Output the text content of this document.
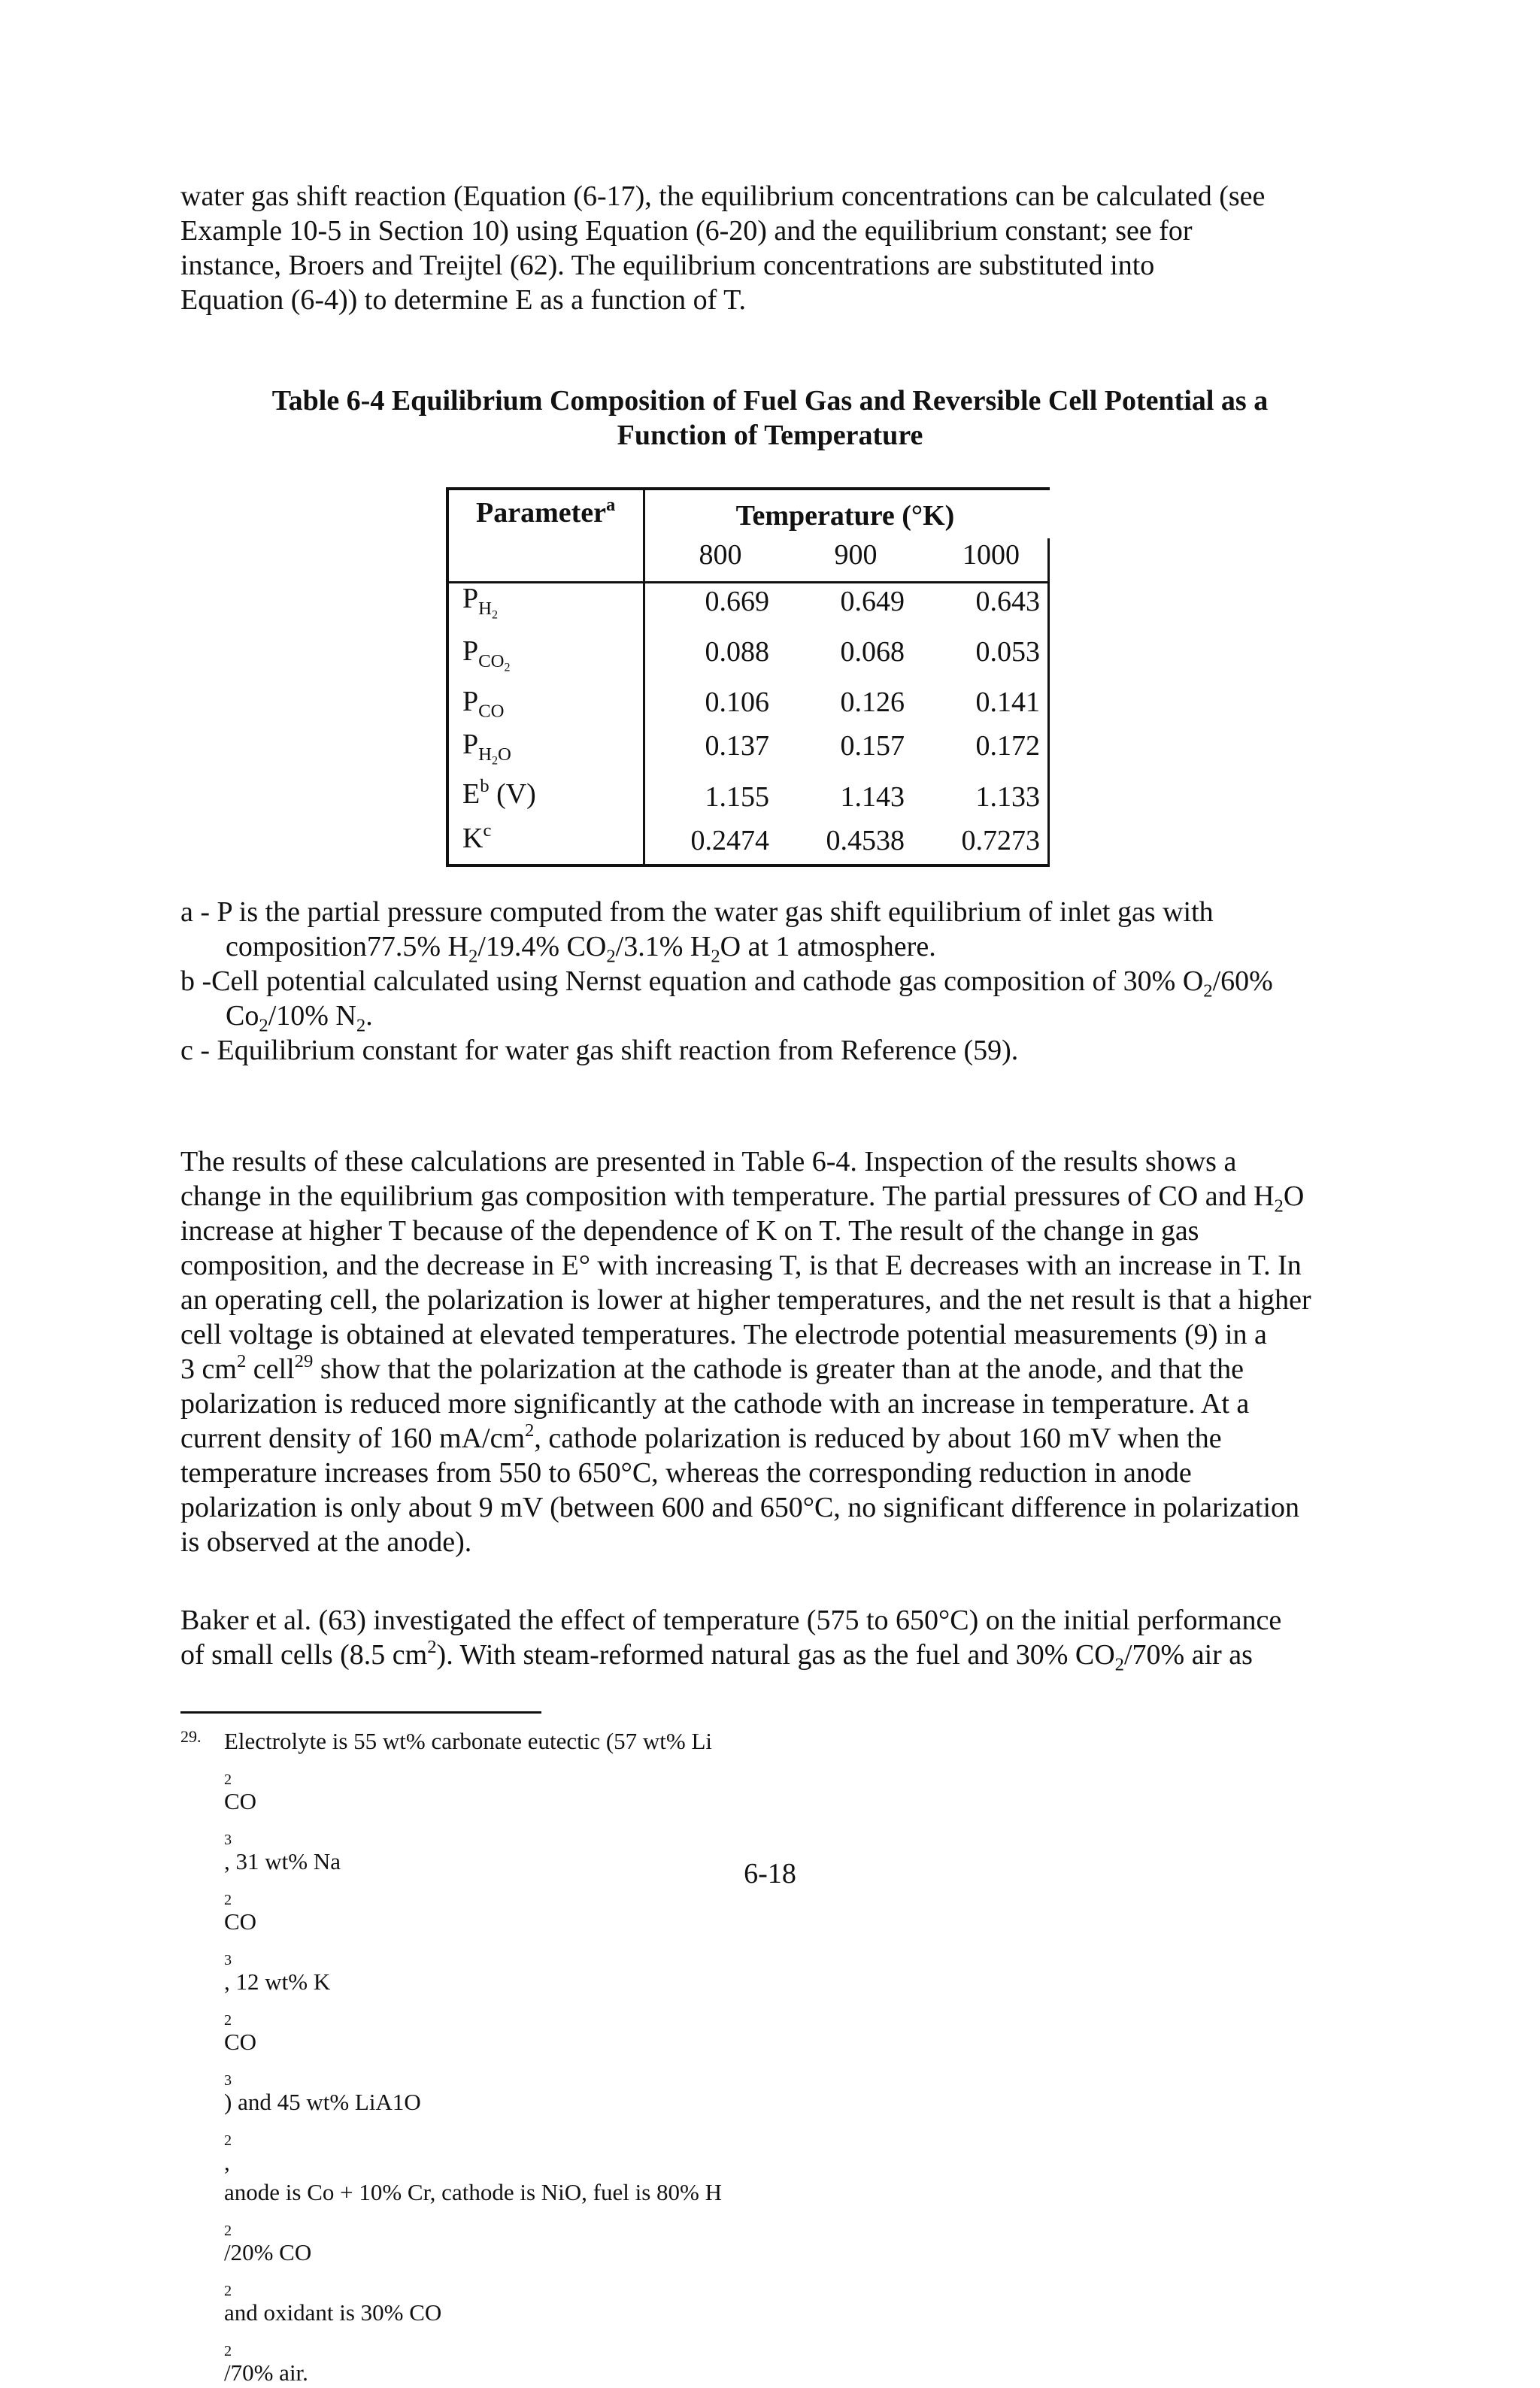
water gas shift reaction (Equation (6-17), the equilibrium concentrations can be calculated (see
Example 10-5 in Section 10) using Equation (6-20) and the equilibrium constant; see for
instance, Broers and Treijtel (62). The equilibrium concentrations are substituted into
Equation (6-4)) to determine E as a function of T.

Table 6-4 Equilibrium Composition of Fuel Gas and Reversible Cell Potential as a
Function of Temperature
Parameter$^a$	Temperature (°K)
800	900	1000
$P_{H_2}$	0.669	0.649	0.643
$P_{CO_2}$	0.088	0.068	0.053
$P_{CO}$	0.106	0.126	0.141
$P_{H_2O}$	0.137	0.157	0.172
$E^b$ (V)	1.155	1.143	1.133
$K^c$	0.2474	0.4538	0.7273
a - P is the partial pressure computed from the water gas shift equilibrium of inlet gas with
composition77.5% $H_2/19.4\%$ $CO_2/3.1\%$ $H_2O$ at 1 atmosphere.
b -Cell potential calculated using Nernst equation and cathode gas composition of 30% $O_2/60\%$
$Co_2/10\%$ $N_2$.
c - Equilibrium constant for water gas shift reaction from Reference (59).

The results of these calculations are presented in Table 6-4. Inspection of the results shows a
change in the equilibrium gas composition with temperature. The partial pressures of CO and $H_2O$
increase at higher T because of the dependence of K on T. The result of the change in gas
composition, and the decrease in E° with increasing T, is that E decreases with an increase in T. In
an operating cell, the polarization is lower at higher temperatures, and the net result is that a higher
cell voltage is obtained at elevated temperatures. The electrode potential measurements (9) in a
3 $cm^2$ cell$^{29}$ show that the polarization at the cathode is greater than at the anode, and that the
polarization is reduced more significantly at the cathode with an increase in temperature. At a
current density of 160 $mA/cm^2$, cathode polarization is reduced by about 160 mV when the
temperature increases from 550 to 650°C, whereas the corresponding reduction in anode
polarization is only about 9 mV (between 600 and 650°C, no significant difference in polarization
is observed at the anode).

Baker et al. (63) investigated the effect of temperature (575 to 650°C) on the initial performance
of small cells (8.5 $cm^2$). With steam-reformed natural gas as the fuel and 30% $CO_2/70\%$ air as

29. Electrolyte is 55 wt% carbonate eutectic (57 wt% Li
$_2$
CO
$_3$
, 31 wt% Na
$_2$
CO
$_3$
, 12 wt% K
$_2$
CO
$_3$
) and 45 wt% LiA1O
$_2$
,
anode is Co + 10% Cr, cathode is NiO, fuel is 80% H
$_2$
/20% CO
$_2$
and oxidant is 30% CO
$_2$
/70% air.
6-18
